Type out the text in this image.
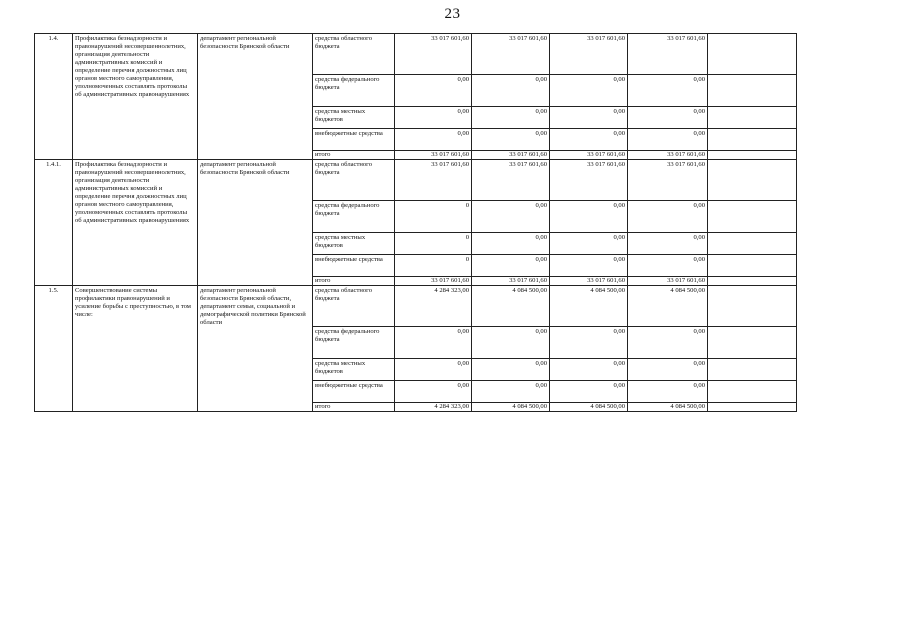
23
1.4.	Профилактика безнадзорности и правонарушений несовершеннолетних, организация деятельности административных комиссий и определение перечня должностных лиц органов местного самоуправления, уполномоченных составлять протоколы об административных правонарушениях	департамент региональной безопасности Брянской области	средства областного бюджета	33 017 601,60	33 017 601,60	33 017 601,60	33 017 601,60	
			средства федерального бюджета	0,00	0,00	0,00	0,00	
			средства местных бюджетов	0,00	0,00	0,00	0,00	
			внебюджетные средства	0,00	0,00	0,00	0,00	
			итого	33 017 601,60	33 017 601,60	33 017 601,60	33 017 601,60	
1.4.1.	Профилактика безнадзорности и правонарушений несовершеннолетних, организация деятельности административных комиссий и определение перечня должностных лиц органов местного самоуправления, уполномоченных составлять протоколы об административных правонарушениях	департамент региональной безопасности Брянской области	средства областного бюджета	33 017 601,60	33 017 601,60	33 017 601,60	33 017 601,60	
			средства федерального бюджета	0	0,00	0,00	0,00	
			средства местных бюджетов	0	0,00	0,00	0,00	
			внебюджетные средства	0	0,00	0,00	0,00	
			итого	33 017 601,60	33 017 601,60	33 017 601,60	33 017 601,60	
1.5.	Совершенствование системы профилактики правонарушений и усиление борьбы с преступностью, в том числе:	департамент региональной безопасности Брянской области, департамент семьи, социальной и демографической политики Брянской области	средства областного бюджета	4 284 323,00	4 084 500,00	4 084 500,00	4 084 500,00	
			средства федерального бюджета	0,00	0,00	0,00	0,00	
			средства местных бюджетов	0,00	0,00	0,00	0,00	
			внебюджетные средства	0,00	0,00	0,00	0,00	
			итого	4 284 323,00	4 084 500,00	4 084 500,00	4 084 500,00	
